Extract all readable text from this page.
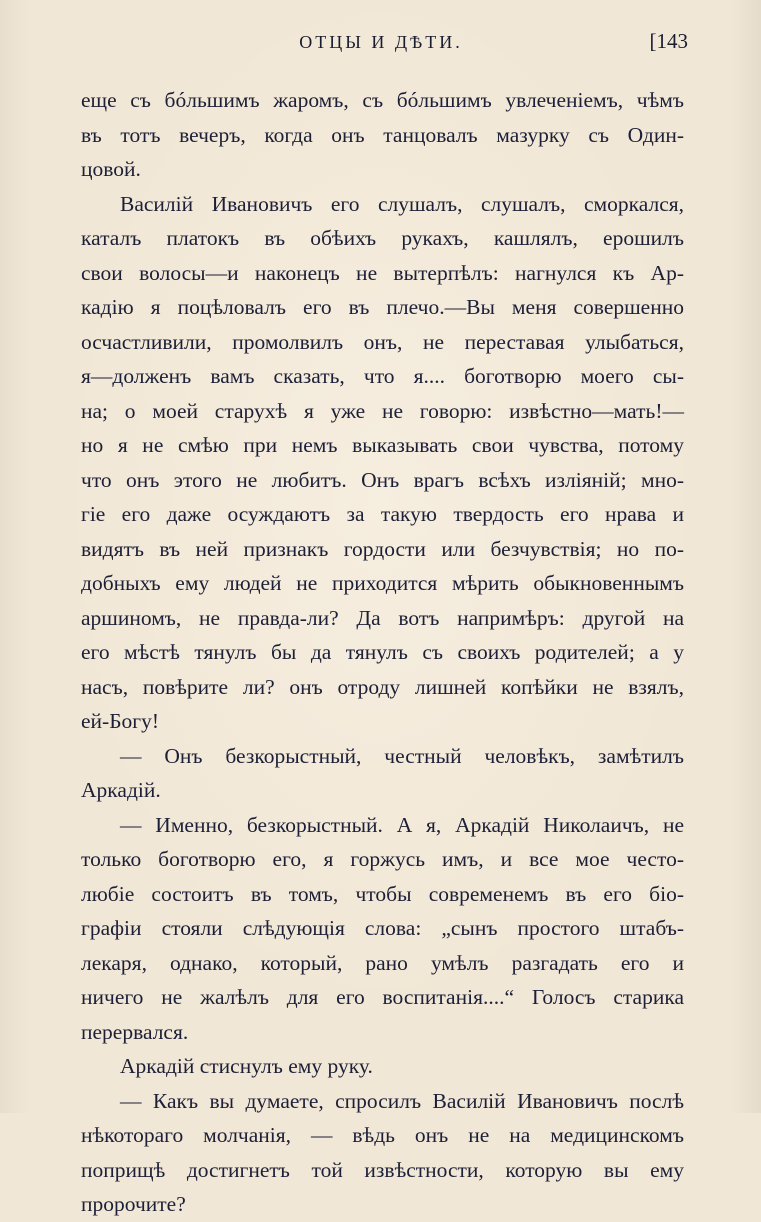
ОТЦЫ И ДѢТИ.	[143
еще съ бóльшимъ жаромъ, съ бóльшимъ увлеченіемъ, чѣмъ
въ тотъ вечеръ, когда онъ танцовалъ мазурку съ Один-
цовой.
Василій Ивановичъ его слушалъ, слушалъ, сморкался,
каталъ платокъ въ обѣихъ рукахъ, кашлялъ, ерошилъ
свои волосы—и наконецъ не вытерпѣлъ: нагнулся къ Ар-
кадію я поцѣловалъ его въ плечо.—Вы меня совершенно
осчастливили, промолвилъ онъ, не переставая улыбаться,
я—долженъ вамъ сказать, что я.... боготворю моего сы-
на; о моей старухѣ я уже не говорю: извѣстно—мать!—
но я не смѣю при немъ выказывать свои чувства, потому
что онъ этого не любитъ. Онъ врагъ всѣхъ изліяній; мно-
гіе его даже осуждаютъ за такую твердость его нрава и
видятъ въ ней признакъ гордости или безчувствія; но по-
добныхъ ему людей не приходится мѣрить обыкновеннымъ
аршиномъ, не правда-ли? Да вотъ напримѣръ: другой на
его мѣстѣ тянулъ бы да тянулъ съ своихъ родителей; а у
насъ, повѣрите ли? онъ отроду лишней копѣйки не взялъ,
ей-Богу!
— Онъ безкорыстный, честный человѣкъ, замѣтилъ
Аркадій.
— Именно, безкорыстный. А я, Аркадій Николаичъ, не
только боготворю его, я горжусь имъ, и все мое често-
любіе состоитъ въ томъ, чтобы современемъ въ его біо-
графіи стояли слѣдующія слова: „сынъ простого штабъ-
лекаря, однако, который, рано умѣлъ разгадать его и
ничего не жалѣлъ для его воспитанія....“ Голосъ старика
перервался.
Аркадій стиснулъ ему руку.
— Какъ вы думаете, спросилъ Василій Ивановичъ послѣ
нѣкотораго молчанія, — вѣдь онъ не на медицинскомъ
поприщѣ достигнетъ той извѣстности, которую вы ему
пророчите?
